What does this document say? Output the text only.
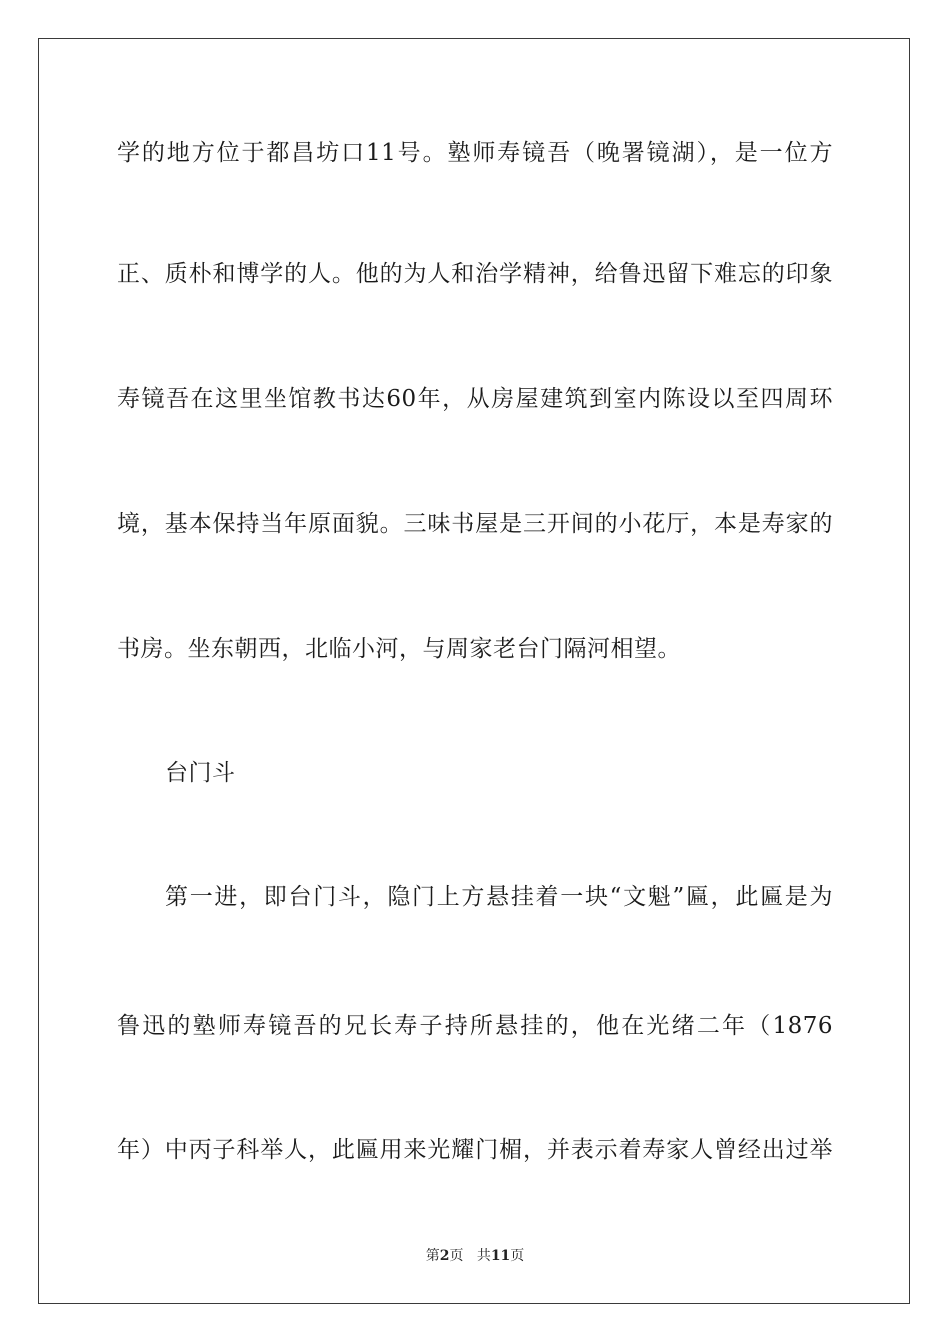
学的地方位于都昌坊口11号。塾师寿镜吾（晚署镜湖），是一位方
正、质朴和博学的人。他的为人和治学精神，给鲁迅留下难忘的印象
寿镜吾在这里坐馆教书达60年，从房屋建筑到室内陈设以至四周环
境，基本保持当年原面貌。三味书屋是三开间的小花厅，本是寿家的
书房。坐东朝西，北临小河，与周家老台门隔河相望。
台门斗
第一进，即台门斗，隐门上方悬挂着一块“文魁”匾，此匾是为
鲁迅的塾师寿镜吾的兄长寿子持所悬挂的，他在光绪二年（1876
年）中丙子科举人，此匾用来光耀门楣，并表示着寿家人曾经出过举
第2页 共11页
